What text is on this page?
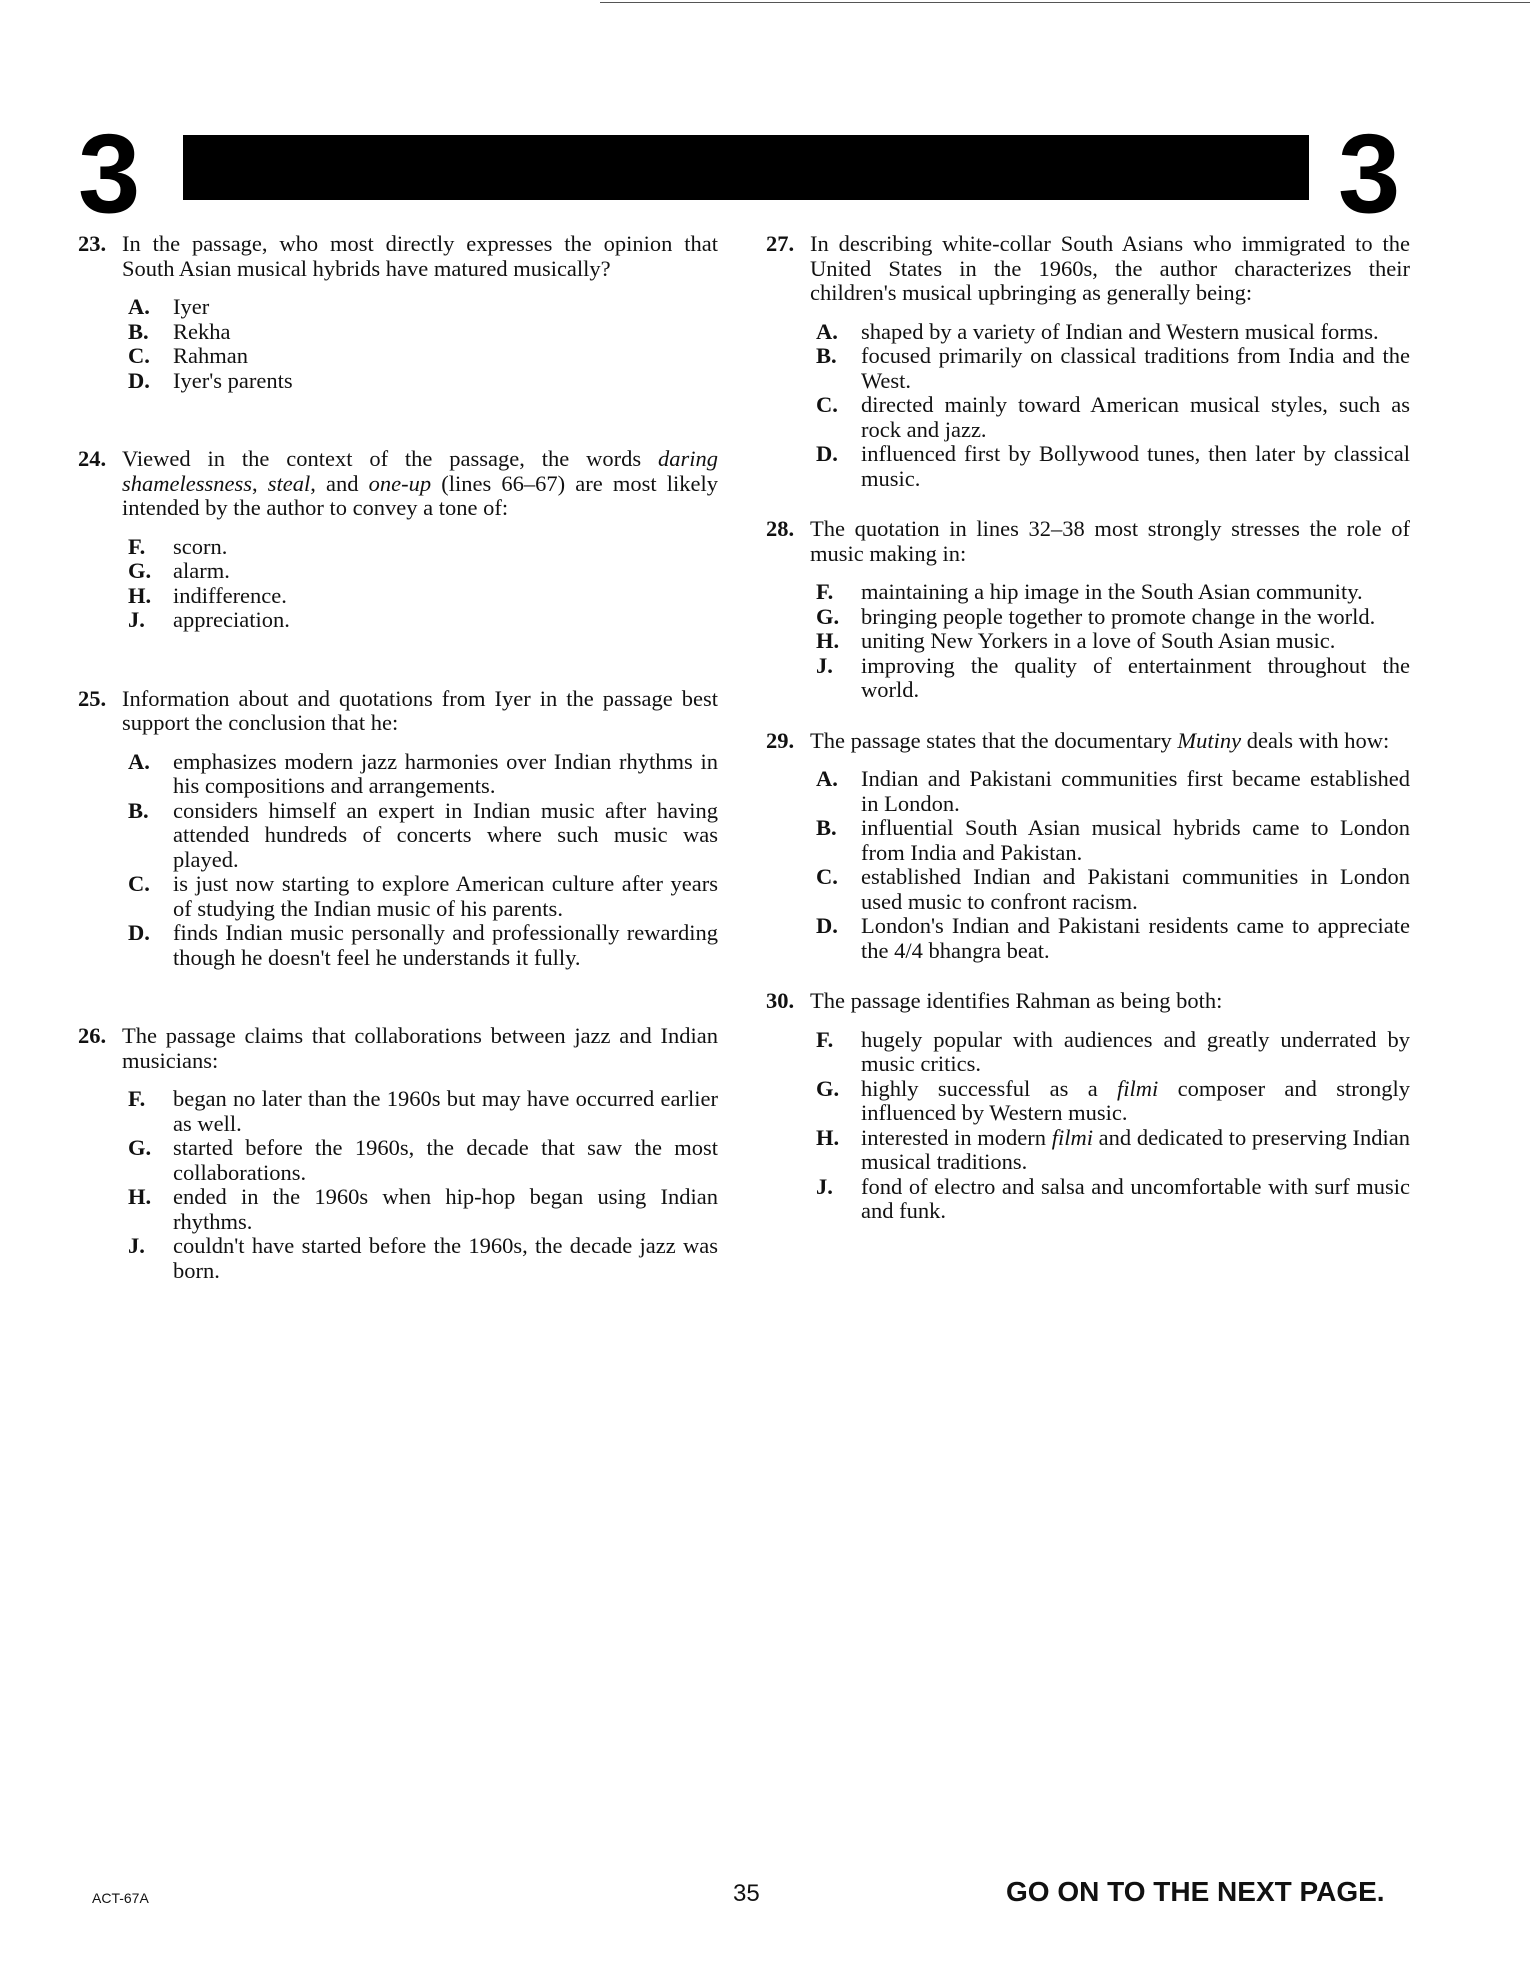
3	3
23. In the passage, who most directly expresses the opinion that South Asian musical hybrids have matured musically?
A.	Iyer
B.	Rekha
C.	Rahman
D.	Iyer's parents
24. Viewed in the context of the passage, the words daring shamelessness, steal, and one-up (lines 66–67) are most likely intended by the author to convey a tone of:
F.	scorn.
G. alarm.
H. indifference.
J.	appreciation.
25. Information about and quotations from Iyer in the passage best support the conclusion that he:
A.	emphasizes modern jazz harmonies over Indian rhythms in his compositions and arrangements.
B.	considers himself an expert in Indian music after having attended hundreds of concerts where such music was played.
C.	is just now starting to explore American culture after years of studying the Indian music of his parents.
D.	finds Indian music personally and professionally rewarding though he doesn't feel he understands it fully.
26. The passage claims that collaborations between jazz and Indian musicians:
F.	began no later than the 1960s but may have occurred earlier as well.
G. started before the 1960s, the decade that saw the most collaborations.
H. ended in the 1960s when hip-hop began using Indian rhythms.
J.	couldn't have started before the 1960s, the decade jazz was born.
27. In describing white-collar South Asians who immigrated to the United States in the 1960s, the author characterizes their children's musical upbringing as generally being:
A.	shaped by a variety of Indian and Western musical forms.
B.	focused primarily on classical traditions from India and the West.
C.	directed mainly toward American musical styles, such as rock and jazz.
D.	influenced first by Bollywood tunes, then later by classical music.
28. The quotation in lines 32–38 most strongly stresses the role of music making in:
F.	maintaining a hip image in the South Asian community.
G. bringing people together to promote change in the world.
H. uniting New Yorkers in a love of South Asian music.
J.	improving the quality of entertainment throughout the world.
29. The passage states that the documentary Mutiny deals with how:
A.	Indian and Pakistani communities first became established in London.
B.	influential South Asian musical hybrids came to London from India and Pakistan.
C.	established Indian and Pakistani communities in London used music to confront racism.
D.	London's Indian and Pakistani residents came to appreciate the 4/4 bhangra beat.
30. The passage identifies Rahman as being both:
F.	hugely popular with audiences and greatly underrated by music critics.
G. highly successful as a filmi composer and strongly influenced by Western music.
H. interested in modern filmi and dedicated to preserving Indian musical traditions.
J.	fond of electro and salsa and uncomfortable with surf music and funk.
ACT-67A	35	GO ON TO THE NEXT PAGE.
